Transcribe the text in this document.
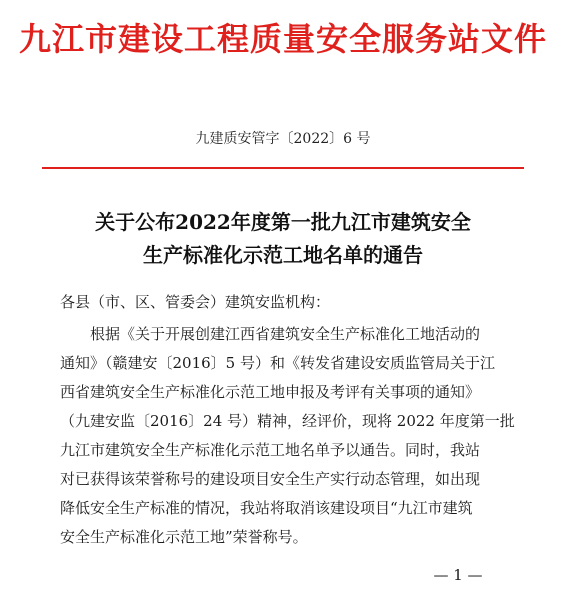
九江市建设工程质量安全服务站文件
九建质安管字〔2022〕6 号
关于公布2022年度第一批九江市建筑安全
生产标准化示范工地名单的通告
各县（市、区、管委会）建筑安监机构：
根据《关于开展创建江西省建筑安全生产标准化工地活动的
通知》（赣建安〔2016〕5 号）和《转发省建设安质监管局关于江
西省建筑安全生产标准化示范工地申报及考评有关事项的通知》
（九建安监〔2016〕24 号）精神，经评价，现将 2022 年度第一批
九江市建筑安全生产标准化示范工地名单予以通告。同时，我站
对已获得该荣誉称号的建设项目安全生产实行动态管理，如出现
降低安全生产标准的情况，我站将取消该建设项目“九江市建筑
安全生产标准化示范工地”荣誉称号。
— 1 —
